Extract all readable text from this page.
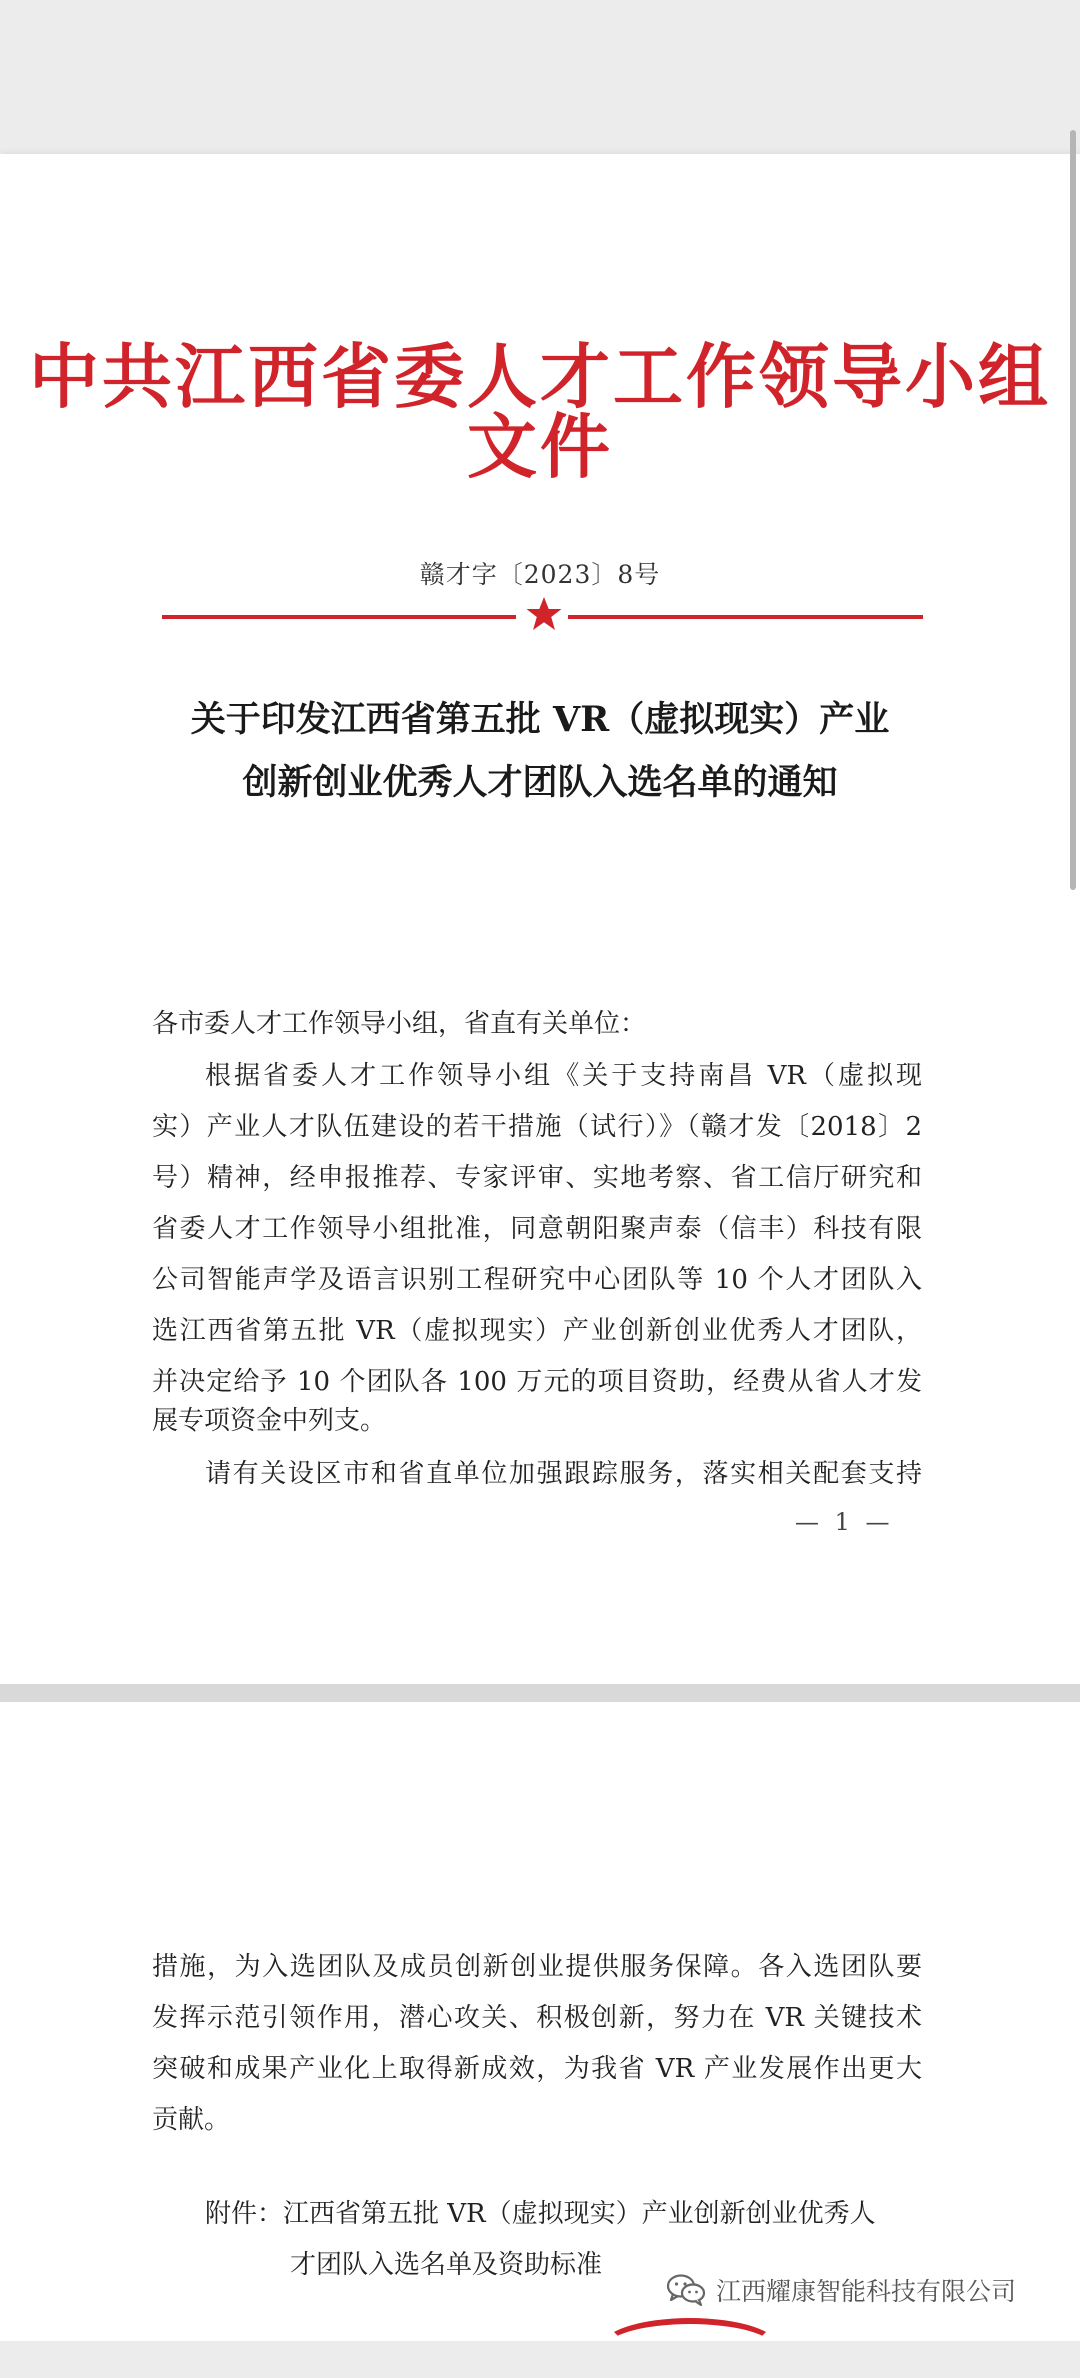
中共江西省委人才工作领导小组文件
赣才字〔2023〕8号
关于印发江西省第五批 VR（虚拟现实）产业
创新创业优秀人才团队入选名单的通知
各市委人才工作领导小组，省直有关单位：
根据省委人才工作领导小组《关于支持南昌 VR（虚拟现
实）产业人才队伍建设的若干措施（试行）》（赣才发〔2018〕2
号）精神，经申报推荐、专家评审、实地考察、省工信厅研究和
省委人才工作领导小组批准，同意朝阳聚声泰（信丰）科技有限
公司智能声学及语言识别工程研究中心团队等 10 个人才团队入
选江西省第五批 VR（虚拟现实）产业创新创业优秀人才团队，
并决定给予 10 个团队各 100 万元的项目资助，经费从省人才发
展专项资金中列支。
请有关设区市和省直单位加强跟踪服务，落实相关配套支持
— 1 —
措施，为入选团队及成员创新创业提供服务保障。各入选团队要
发挥示范引领作用，潜心攻关、积极创新，努力在 VR 关键技术
突破和成果产业化上取得新成效，为我省 VR 产业发展作出更大
贡献。
附件：江西省第五批 VR（虚拟现实）产业创新创业优秀人
才团队入选名单及资助标准
江西耀康智能科技有限公司
